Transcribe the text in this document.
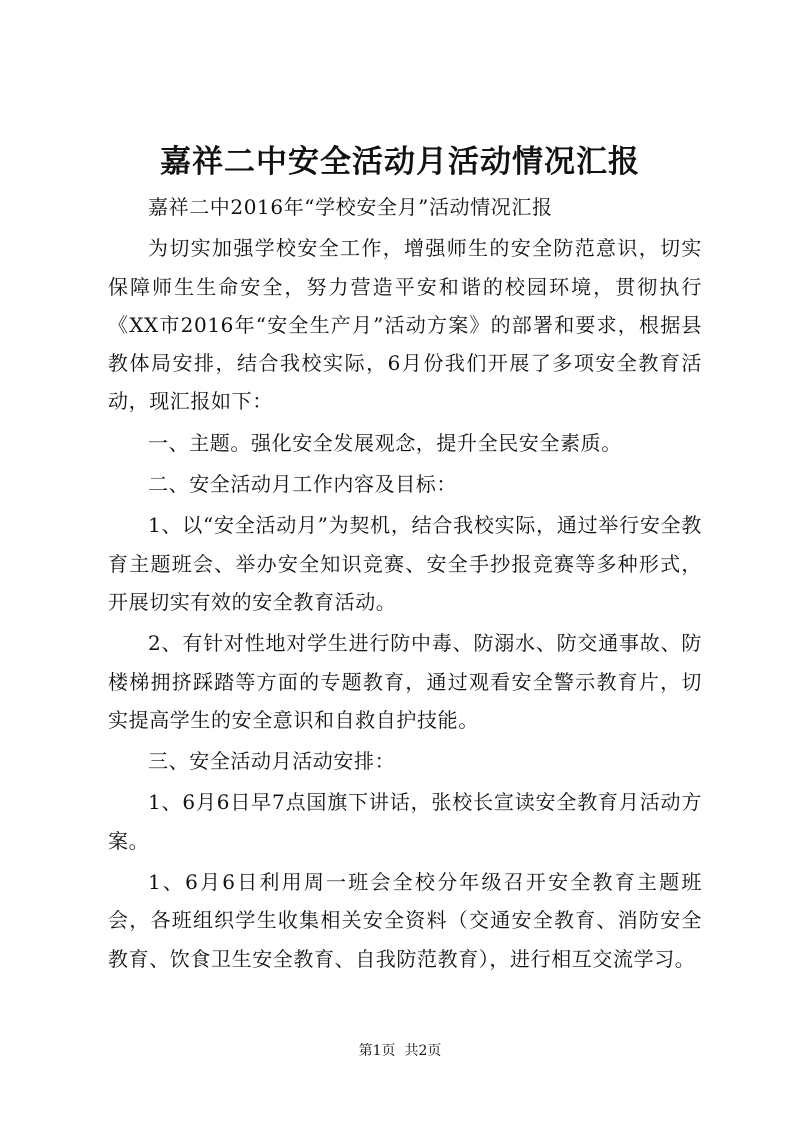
嘉祥二中安全活动月活动情况汇报

嘉祥二中2016年“学校安全月”活动情况汇报

为切实加强学校安全工作，增强师生的安全防范意识，切实保障师生生命安全，努力营造平安和谐的校园环境，贯彻执行《XX市2016年“安全生产月”活动方案》的部署和要求，根据县教体局安排，结合我校实际，6月份我们开展了多项安全教育活动，现汇报如下：

一、主题。强化安全发展观念，提升全民安全素质。

二、安全活动月工作内容及目标：

1、以“安全活动月”为契机，结合我校实际，通过举行安全教育主题班会、举办安全知识竞赛、安全手抄报竞赛等多种形式，开展切实有效的安全教育活动。

2、有针对性地对学生进行防中毒、防溺水、防交通事故、防楼梯拥挤踩踏等方面的专题教育，通过观看安全警示教育片，切实提高学生的安全意识和自救自护技能。

三、安全活动月活动安排：

1、6月6日早7点国旗下讲话，张校长宣读安全教育月活动方案。

1、6月6日利用周一班会全校分年级召开安全教育主题班会，各班组织学生收集相关安全资料（交通安全教育、消防安全教育、饮食卫生安全教育、自我防范教育），进行相互交流学习。

第1页 共2页
